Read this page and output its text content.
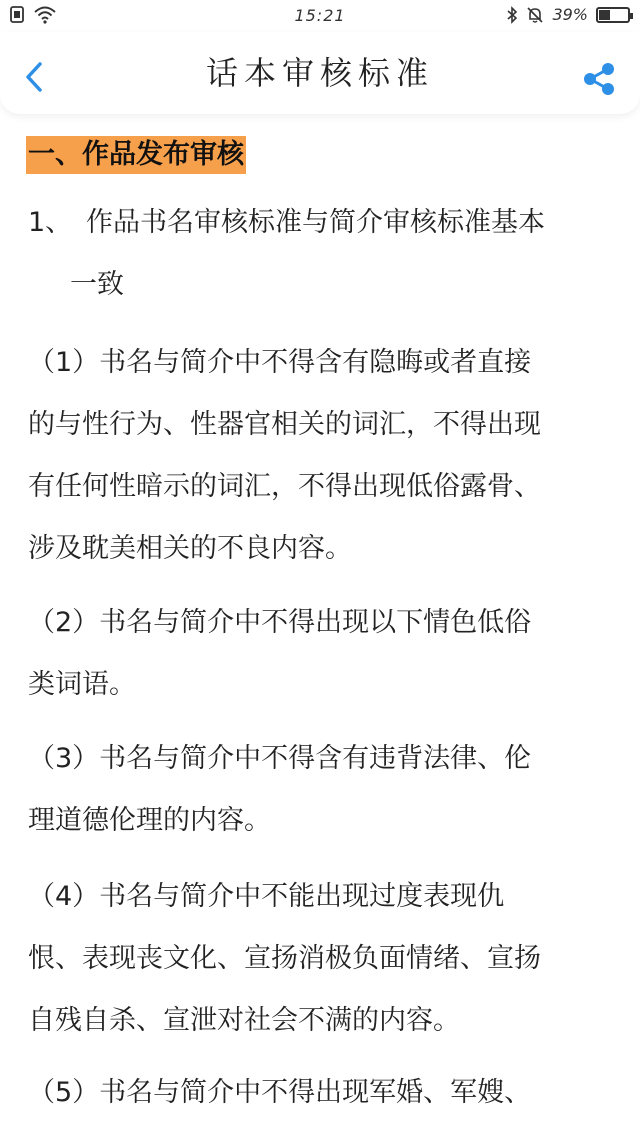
15:21	39%
话本审核标准
一、作品发布审核
1、 作品书名审核标准与简介审核标准基本
一致
（1）书名与简介中不得含有隐晦或者直接
的与性行为、性器官相关的词汇，不得出现
有任何性暗示的词汇，不得出现低俗露骨、
涉及耽美相关的不良内容。
（2）书名与简介中不得出现以下情色低俗
类词语。
（3）书名与简介中不得含有违背法律、伦
理道德伦理的内容。
（4）书名与简介中不能出现过度表现仇
恨、表现丧文化、宣扬消极负面情绪、宣扬
自残自杀、宣泄对社会不满的内容。
（5）书名与简介中不得出现军婚、军嫂、
